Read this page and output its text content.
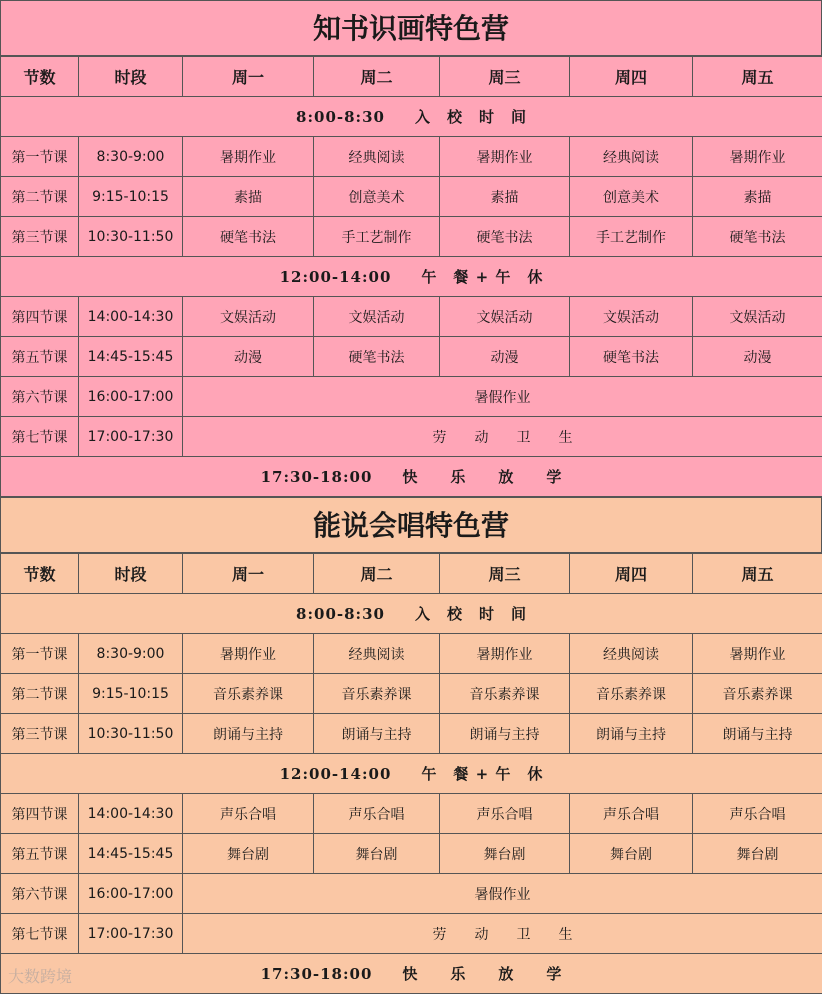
知书识画特色营
节数	时段	周一	周二	周三	周四	周五
8:00-8:30 入　校　时　间						
第一节课	8:30-9:00	暑期作业	经典阅读	暑期作业	经典阅读	暑期作业
第二节课	9:15-10:15	素描	创意美术	素描	创意美术	素描
第三节课	10:30-11:50	硬笔书法	手工艺制作	硬笔书法	手工艺制作	硬笔书法
12:00-14:00 午　餐 + 午　休						
第四节课	14:00-14:30	文娱活动	文娱活动	文娱活动	文娱活动	文娱活动
第五节课	14:45-15:45	动漫	硬笔书法	动漫	硬笔书法	动漫
第六节课	16:00-17:00	暑假作业				
第七节课	17:00-17:30	劳　　动　　卫　　生				
17:30-18:00 快　　乐　　放　　学						
能说会唱特色营
节数	时段	周一	周二	周三	周四	周五
8:00-8:30 入　校　时　间						
第一节课	8:30-9:00	暑期作业	经典阅读	暑期作业	经典阅读	暑期作业
第二节课	9:15-10:15	音乐素养课	音乐素养课	音乐素养课	音乐素养课	音乐素养课
第三节课	10:30-11:50	朗诵与主持	朗诵与主持	朗诵与主持	朗诵与主持	朗诵与主持
12:00-14:00 午　餐 + 午　休						
第四节课	14:00-14:30	声乐合唱	声乐合唱	声乐合唱	声乐合唱	声乐合唱
第五节课	14:45-15:45	舞台剧	舞台剧	舞台剧	舞台剧	舞台剧
第六节课	16:00-17:00	暑假作业				
第七节课	17:00-17:30	劳　　动　　卫　　生				
17:30-18:00 快　　乐　　放　　学						
大数跨境
